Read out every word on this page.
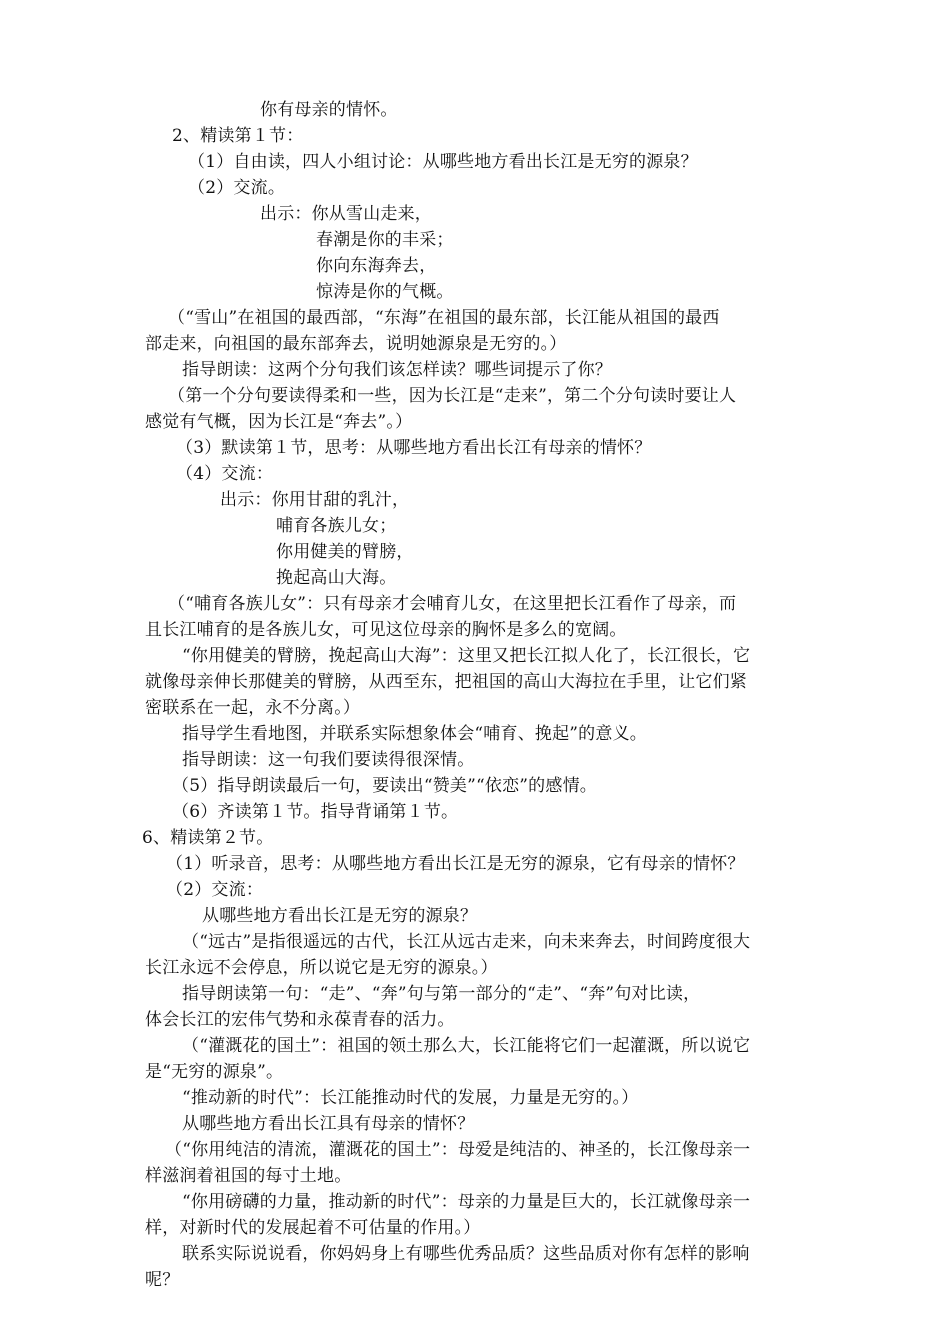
你有母亲的情怀。
2、精读第１节：
（1）自由读，四人小组讨论：从哪些地方看出长江是无穷的源泉？
（2）交流。
出示：你从雪山走来，
春潮是你的丰采；
你向东海奔去，
惊涛是你的气概。
（“雪山”在祖国的最西部，“东海”在祖国的最东部，长江能从祖国的最西
部走来，向祖国的最东部奔去，说明她源泉是无穷的。）
指导朗读：这两个分句我们该怎样读？哪些词提示了你？
（第一个分句要读得柔和一些，因为长江是“走来”，第二个分句读时要让人
感觉有气概，因为长江是“奔去”。）
（3）默读第１节，思考：从哪些地方看出长江有母亲的情怀？
（4）交流：
出示：你用甘甜的乳汁，
哺育各族儿女；
你用健美的臂膀，
挽起高山大海。
（“哺育各族儿女”：只有母亲才会哺育儿女，在这里把长江看作了母亲，而
且长江哺育的是各族儿女，可见这位母亲的胸怀是多么的宽阔。
“你用健美的臂膀，挽起高山大海”：这里又把长江拟人化了，长江很长，它
就像母亲伸长那健美的臂膀，从西至东，把祖国的高山大海拉在手里，让它们紧
密联系在一起，永不分离。）
指导学生看地图，并联系实际想象体会“哺育、挽起”的意义。
指导朗读：这一句我们要读得很深情。
（5）指导朗读最后一句，要读出“赞美”“依恋”的感情。
（6）齐读第１节。指导背诵第１节。
6、精读第２节。
（1）听录音，思考：从哪些地方看出长江是无穷的源泉，它有母亲的情怀？
（2）交流：
从哪些地方看出长江是无穷的源泉？
（“远古”是指很遥远的古代，长江从远古走来，向未来奔去，时间跨度很大
长江永远不会停息，所以说它是无穷的源泉。）
指导朗读第一句：“走”、“奔”句与第一部分的“走”、“奔”句对比读，
体会长江的宏伟气势和永葆青春的活力。
（“灌溉花的国土”：祖国的领土那么大，长江能将它们一起灌溉，所以说它
是“无穷的源泉”。
“推动新的时代”：长江能推动时代的发展，力量是无穷的。）
从哪些地方看出长江具有母亲的情怀？
（“你用纯洁的清流，灌溉花的国土”：母爱是纯洁的、神圣的，长江像母亲一
样滋润着祖国的每寸土地。
“你用磅礴的力量，推动新的时代”：母亲的力量是巨大的，长江就像母亲一
样，对新时代的发展起着不可估量的作用。）
联系实际说说看，你妈妈身上有哪些优秀品质？这些品质对你有怎样的影响
呢？
